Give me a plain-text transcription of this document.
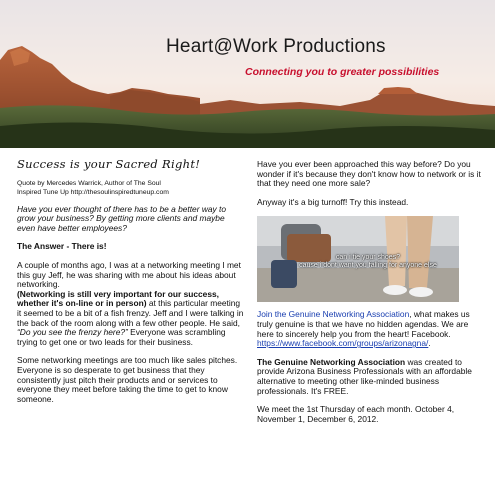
Heart@Work Productions
Connecting you to greater possibilities
Success is your Sacred Right!
Quote by Mercedes Warrick, Author of The Soul
Inspired Tune Up http://thesoulinspiredtuneup.com

Have you ever thought of there has to be a better way to grow your business? By getting more clients and maybe even have better employees?

The Answer - There is!

A couple of months ago, I was at a networking meeting I met this guy Jeff, he was sharing with me about his ideas about networking.
(Networking is still very important for our success, whether it's on-line or in person) at this particular meeting it seemed to be a bit of a fish frenzy. Jeff and I were talking in the back of the room along with a few other people. He said, “Do you see the frenzy here?” Everyone was scrambling trying to get one or two leads for their business.

Some networking meetings are too much like sales pitches. Everyone is so desperate to get business that they consistently just pitch their products and or services to everyone they meet before taking the time to get to know someone.

Have you ever been approached this way before? Do you wonder if it's because they don't know how to network or is it that they need one more sale?

Anyway it's a big turnoff! Try this instead.

can i tie your shoes?
cause i dont want you falling for anyone else

Join the Genuine Networking Association, what makes us truly genuine is that we have no hidden agendas. We are here to sincerely help you from the heart! Facebook. https://www.facebook.com/groups/arizonagna/.

The Genuine Networking Association was created to provide Arizona Business Professionals with an affordable alternative to meeting other like-minded business professionals. It's FREE.

We meet the 1st Thursday of each month. October 4, November 1, December 6, 2012.
